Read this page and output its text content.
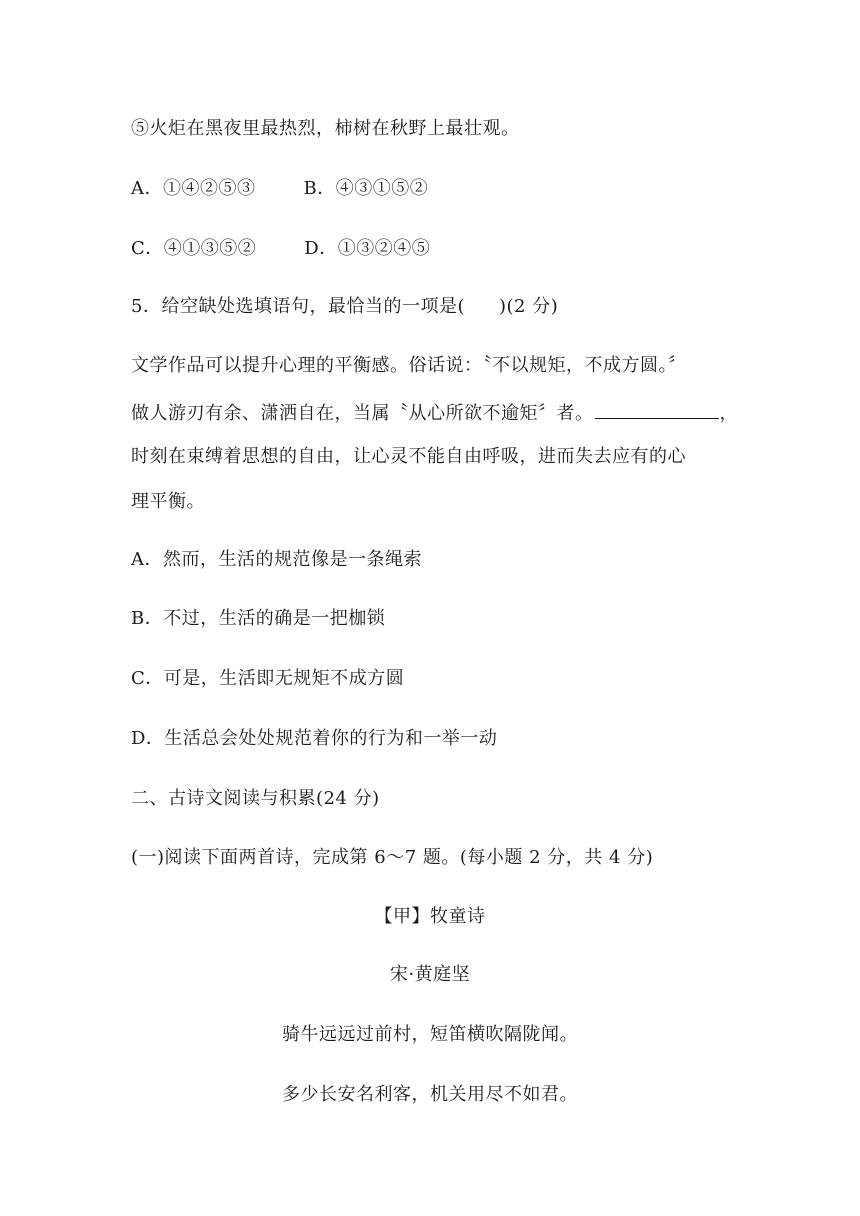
⑤火炬在黑夜里最热烈，柿树在秋野上最壮观。
A．①④②⑤③	B．④③①⑤②
C．④①③⑤②	D．①③②④⑤
5．给空缺处选填语句，最恰当的一项是( )(2 分)
文学作品可以提升心理的平衡感。俗话说：〝不以规矩，不成方圆。〞
做人游刃有余、潇洒自在，当属〝从心所欲不逾矩〞者。	，
时刻在束缚着思想的自由，让心灵不能自由呼吸，进而失去应有的心
理平衡。
A．然而，生活的规范像是一条绳索
B．不过，生活的确是一把枷锁
C．可是，生活即无规矩不成方圆
D．生活总会处处规范着你的行为和一举一动
二、古诗文阅读与积累(24 分)
(一)阅读下面两首诗，完成第 6～7 题。(每小题 2 分，共 4 分)
【甲】牧童诗
宋·黄庭坚
骑牛远远过前村，短笛横吹隔陇闻。
多少长安名利客，机关用尽不如君。
